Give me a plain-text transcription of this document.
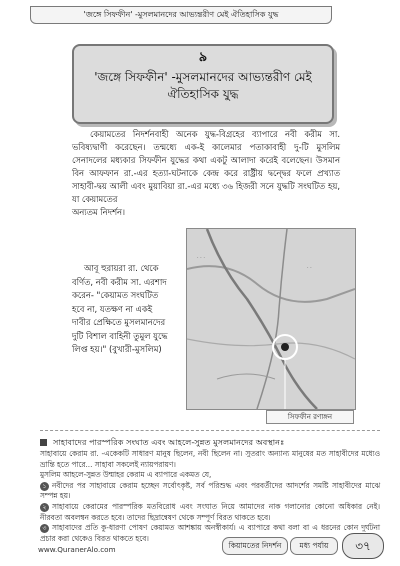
'জঙ্গে সিফফীন' -মুসলমানদের আভ্যন্তরীণ মেই ঐতিহাসিক যুদ্ধ
৯
'জঙ্গে সিফফীন' -মুসলমানদের আভ্যন্তরীণ মেই
ঐতিহাসিক যুদ্ধ

কেয়ামতের নিদর্শনবাহী অনেক যুদ্ধ-বিগ্রহের ব্যাপারে নবী করীম সা. ভবিষ্যদ্বাণী করেছেন। তন্মধ্যে এক-ই কালেমার পতাকাবাহী দু-টি মুসলিম সেনাদলের মধ্যকার সিফফীন যুদ্ধের কথা একটু আলাদা করেই বলেছেন। উসমান বিন আফফান রা.-এর হত্যা-ঘটনাকে কেন্দ্র করে রাষ্ট্রীয় দ্বন্দ্বের ফলে প্রখ্যাত সাহাবী-দ্বয় আলী এবং মুয়াবিয়া রা.-এর মধ্যে ৩৬ হিজরী সনে যুদ্ধটি সংঘটিত হয়, যা কেয়ামতের

অন্যতম নিদর্শন।
আবূ হুরায়রা রা. থেকে
বর্ণিত, নবী করীম সা. এরশাদ
করেন- "কেয়ামত সংঘটিত
হবে না, যতক্ষণ না একই
দাবীর প্রেক্ষিতে মুসলমানদের
দুটি বিশাল বাহিনী তুমুল যুদ্ধে
লিপ্ত হয়।" (বুখারী-মুসলিম)
· · ·
· ·
সিফফীন রণাঙ্গন
সাহাবাদের পারস্পরিক সংঘাত এবং আহলে-সুন্নত মুসলমানদের অবস্থানঃ

সাহাবায়ে কেরাম রা. -একেকটি সাধারণ মানুষ ছিলেন, নবী ছিলেন না। সুতরাং অন্যান্য মানুষের মত সাহাবীদের মধ্যেও ভ্রান্তি হতে পারে... সাহাবা সকলেই ন্যায়পরায়ণ।

মুসলিম আহলে-সুন্নত উম্মাহর কেরাম এ ব্যাপারে একমত যে,

১ নবীদের পর সাহাবায়ে কেরাম হচ্ছেন সর্বোৎকৃষ্ট, সর্ব পরিশুদ্ধ এবং পরবর্তীদের আদর্শের সমষ্টি সাহাবীদের মাঝে সম্পন্ন হয়।

২ সাহাবায়ে কেরামের পারস্পরিক মতবিরোধ এবং সংঘাত নিয়ে আমাদের নাক গলানোর কোনো অধিকার নেই। নীরবতা অবলম্বন করতে হবে। তাদের ছিদ্রান্বেষণ থেকে সম্পূর্ণ বিরত থাকতে হবে।

৩ সাহাবাদের প্রতি কু-ধারণা পোষণ কেয়ামত আশঙ্কায় অনস্বীকার্য। এ ব্যাপারে কথা বলা বা এ ধরনের কোন দুর্ঘটনা প্রচার করা থেকেও বিরত থাকতে হবে।

www.QuranerAlo.com	কিয়ামতের নিদর্শন	মধ্য পর্যায়	৩৭
